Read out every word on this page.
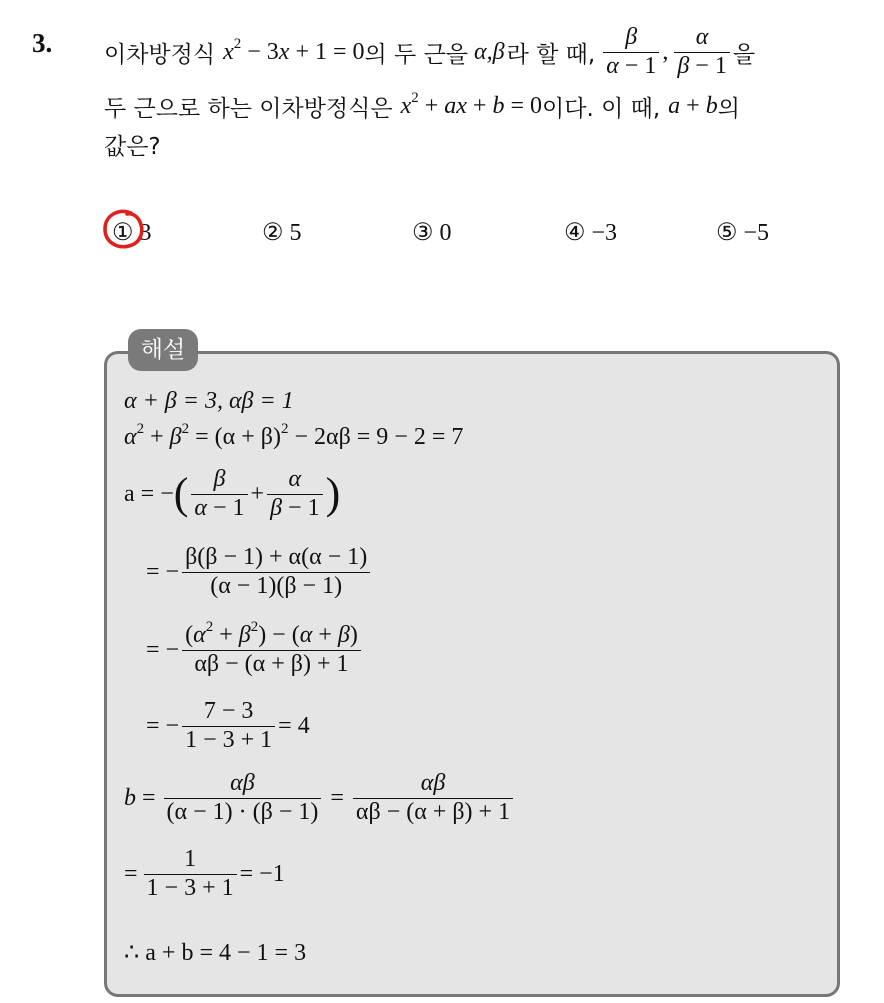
3. 이차방정식 $x^2 - 3x + 1 = 0$ 의 두 근을 α,β 라 할 때, $\frac{\beta}{\alpha - 1}$ , $\frac{\alpha}{\beta - 1}$ 을
두 근으로 하는 이차방정식은 $x^2$ + ax + b = 0 이다. 이 때, a + b 의
값은?
① 3	② 5	③ 0	④ −3	⑤ −5
해설
α + β = 3, αβ = 1
$\alpha^2 + \beta^2 = (\alpha + \beta)^2 - 2\alpha\beta = 9 - 2 = 7$
a = − ( $\frac{\beta}{\alpha - 1} + \frac{\alpha}{\beta - 1}$ )
= − $\frac{\beta(\beta - 1) + \alpha(\alpha - 1)}{(\alpha - 1)(\beta - 1)}$
= − $\frac{(\alpha^2 + \beta^2) - (\alpha + \beta)}{\alpha\beta - (\alpha + \beta) + 1}$
= − $\frac{7 - 3}{1 - 3 + 1} = 4$
$b = \frac{\alpha\beta}{(\alpha - 1) \cdot (\beta - 1)} = \frac{\alpha\beta}{\alpha\beta - (\alpha + \beta) + 1}$
= $\frac{1}{1 - 3 + 1} = -1$
∴ a + b = 4 − 1 = 3
